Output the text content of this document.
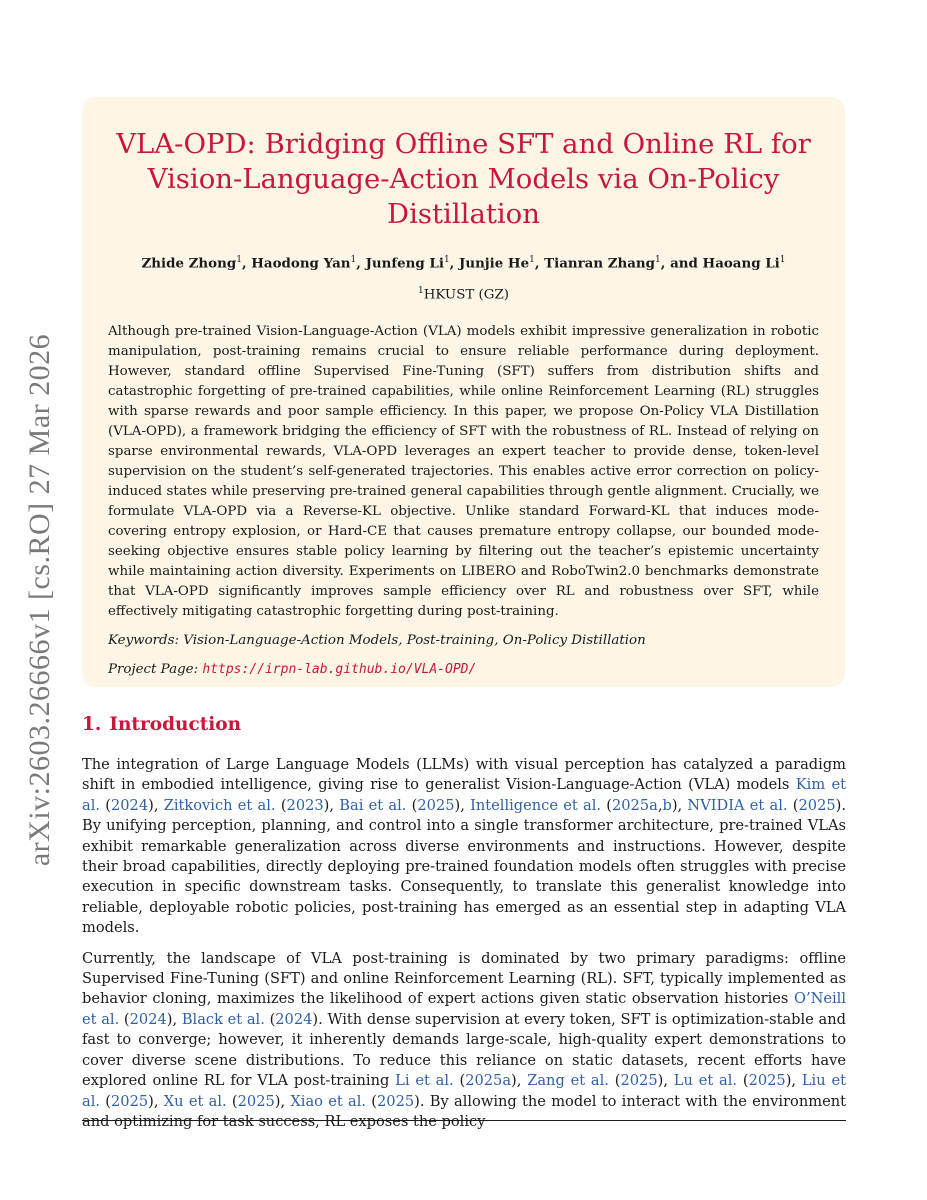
arXiv:2603.26666v1 [cs.RO] 27 Mar 2026
VLA-OPD: Bridging Offline SFT and Online RL for Vision-Language-Action Models via On-Policy Distillation
Zhide Zhong$^1$, Haodong Yan$^1$, Junfeng Li$^1$, Junjie He$^1$, Tianran Zhang$^1$, and Haoang Li$^1$
$^1$HKUST (GZ)
Although pre-trained Vision-Language-Action (VLA) models exhibit impressive generalization in robotic manipulation, post-training remains crucial to ensure reliable performance during deployment. However, standard offline Supervised Fine-Tuning (SFT) suffers from distribution shifts and catastrophic forgetting of pre-trained capabilities, while online Reinforcement Learning (RL) struggles with sparse rewards and poor sample efficiency. In this paper, we propose On-Policy VLA Distillation (VLA-OPD), a framework bridging the efficiency of SFT with the robustness of RL. Instead of relying on sparse environmental rewards, VLA-OPD leverages an expert teacher to provide dense, token-level supervision on the student’s self-generated trajectories. This enables active error correction on policy-induced states while preserving pre-trained general capabilities through gentle alignment. Crucially, we formulate VLA-OPD via a Reverse-KL objective. Unlike standard Forward-KL that induces mode-covering entropy explosion, or Hard-CE that causes premature entropy collapse, our bounded mode-seeking objective ensures stable policy learning by filtering out the teacher’s epistemic uncertainty while maintaining action diversity. Experiments on LIBERO and RoboTwin2.0 benchmarks demonstrate that VLA-OPD significantly improves sample efficiency over RL and robustness over SFT, while effectively mitigating catastrophic forgetting during post-training.
Keywords: Vision-Language-Action Models, Post-training, On-Policy Distillation
Project Page: https://irpn-lab.github.io/VLA-OPD/
1. Introduction

The integration of Large Language Models (LLMs) with visual perception has catalyzed a paradigm shift in embodied intelligence, giving rise to generalist Vision-Language-Action (VLA) models Kim et al. (2024), Zitkovich et al. (2023), Bai et al. (2025), Intelligence et al. (2025a,b), NVIDIA et al. (2025). By unifying perception, planning, and control into a single transformer architecture, pre-trained VLAs exhibit remarkable generalization across diverse environments and instructions. However, despite their broad capabilities, directly deploying pre-trained foundation models often struggles with precise execution in specific downstream tasks. Consequently, to translate this generalist knowledge into reliable, deployable robotic policies, post-training has emerged as an essential step in adapting VLA models.

Currently, the landscape of VLA post-training is dominated by two primary paradigms: offline Supervised Fine-Tuning (SFT) and online Reinforcement Learning (RL). SFT, typically implemented as behavior cloning, maximizes the likelihood of expert actions given static observation histories O’Neill et al. (2024), Black et al. (2024). With dense supervision at every token, SFT is optimization-stable and fast to converge; however, it inherently demands large-scale, high-quality expert demonstrations to cover diverse scene distributions. To reduce this reliance on static datasets, recent efforts have explored online RL for VLA post-training Li et al. (2025a), Zang et al. (2025), Lu et al. (2025), Liu et al. (2025), Xu et al. (2025), Xiao et al. (2025). By allowing the model to interact with the environment and optimizing for task success, RL exposes the policy
